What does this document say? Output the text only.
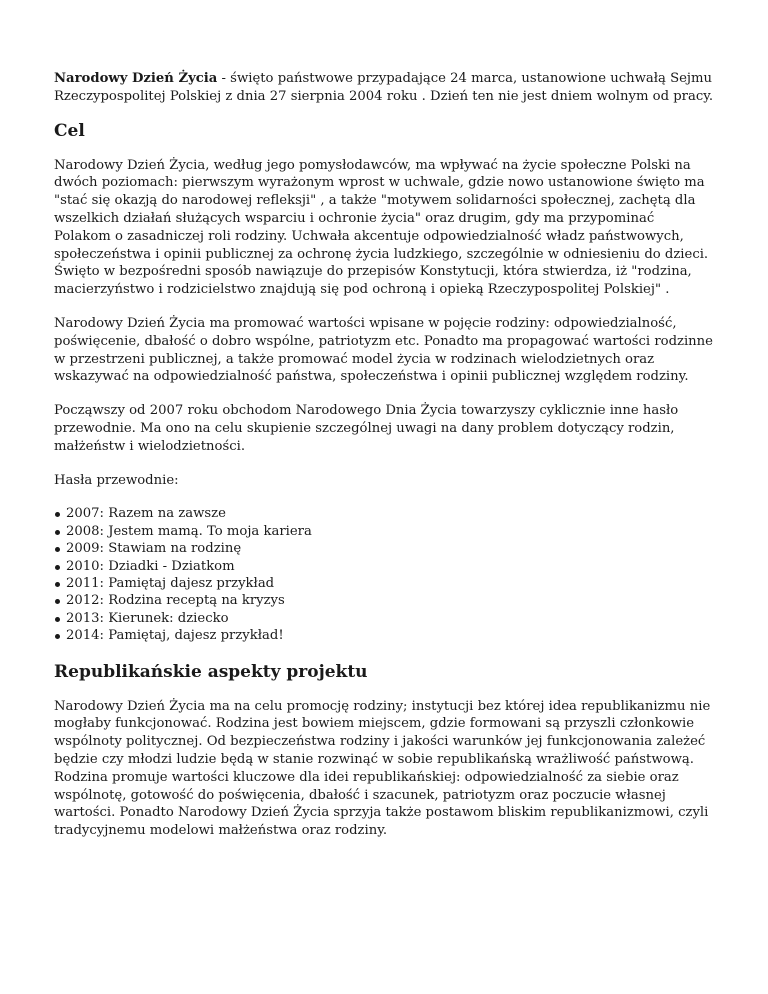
Narodowy Dzień Życia - święto państwowe przypadające 24 marca, ustanowione uchwałą Sejmu Rzeczypospolitej Polskiej z dnia 27 sierpnia 2004 roku . Dzień ten nie jest dniem wolnym od pracy.

Cel

Narodowy Dzień Życia, według jego pomysłodawców, ma wpływać na życie społeczne Polski na dwóch poziomach: pierwszym wyrażonym wprost w uchwale, gdzie nowo ustanowione święto ma "stać się okazją do narodowej refleksji" , a także "motywem solidarności społecznej, zachętą dla wszelkich działań służących wsparciu i ochronie życia" oraz drugim, gdy ma przypominać Polakom o zasadniczej roli rodziny. Uchwała akcentuje odpowiedzialność władz państwowych, społeczeństwa i opinii publicznej za ochronę życia ludzkiego, szczególnie w odniesieniu do dzieci. Święto w bezpośredni sposób nawiązuje do przepisów Konstytucji, która stwierdza, iż "rodzina, macierzyństwo i rodzicielstwo znajdują się pod ochroną i opieką Rzeczypospolitej Polskiej" .

Narodowy Dzień Życia ma promować wartości wpisane w pojęcie rodziny: odpowiedzialność, poświęcenie, dbałość o dobro wspólne, patriotyzm etc. Ponadto ma propagować wartości rodzinne w przestrzeni publicznej, a także promować model życia w rodzinach wielodzietnych oraz wskazywać na odpowiedzialność państwa, społeczeństwa i opinii publicznej względem rodziny.

Począwszy od 2007 roku obchodom Narodowego Dnia Życia towarzyszy cyklicznie inne hasło przewodnie. Ma ono na celu skupienie szczególnej uwagi na dany problem dotyczący rodzin, małżeństw i wielodzietności.

Hasła przewodnie:

2007: Razem na zawsze
2008: Jestem mamą. To moja kariera
2009: Stawiam na rodzinę
2010: Dziadki - Dziatkom
2011: Pamiętaj dajesz przykład
2012: Rodzina receptą na kryzys
2013: Kierunek: dziecko
2014: Pamiętaj, dajesz przykład!
Republikańskie aspekty projektu

Narodowy Dzień Życia ma na celu promocję rodziny; instytucji bez której idea republikanizmu nie mogłaby funkcjonować. Rodzina jest bowiem miejscem, gdzie formowani są przyszli członkowie wspólnoty politycznej. Od bezpieczeństwa rodziny i jakości warunków jej funkcjonowania zależeć będzie czy młodzi ludzie będą w stanie rozwinąć w sobie republikańską wrażliwość państwową. Rodzina promuje wartości kluczowe dla idei republikańskiej: odpowiedzialność za siebie oraz wspólnotę, gotowość do poświęcenia, dbałość i szacunek, patriotyzm oraz poczucie własnej wartości. Ponadto Narodowy Dzień Życia sprzyja także postawom bliskim republikanizmowi, czyli tradycyjnemu modelowi małżeństwa oraz rodziny.
